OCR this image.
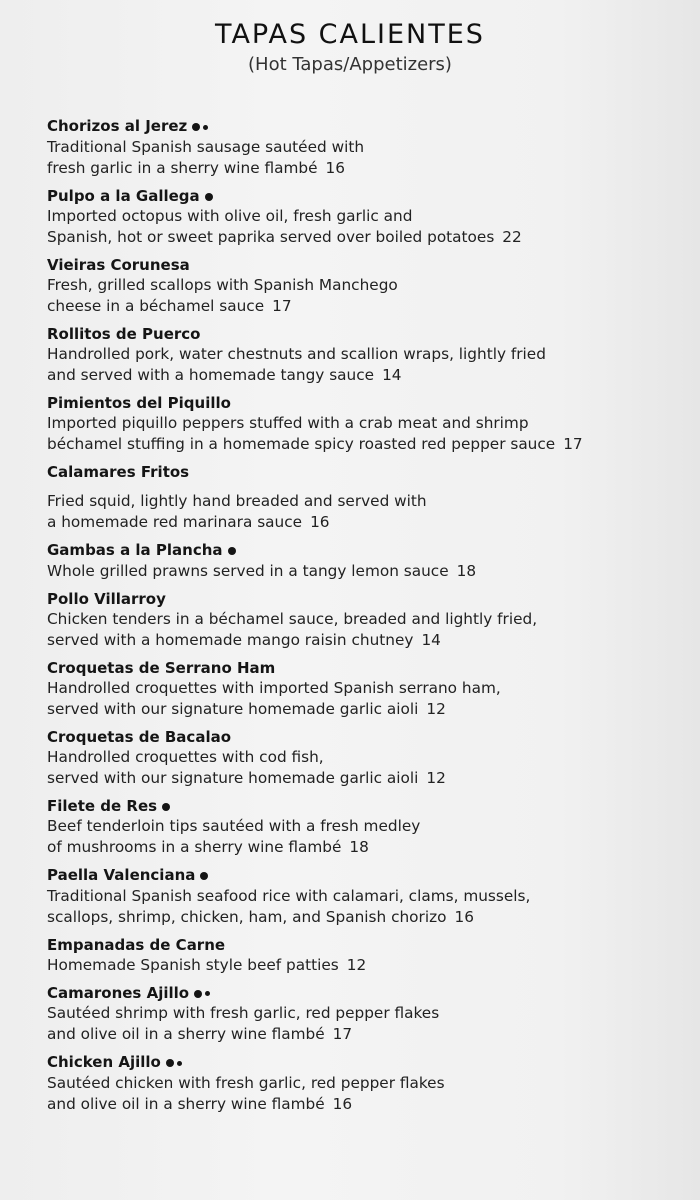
TAPAS CALIENTES
(Hot Tapas/Appetizers)
Chorizos al Jerez
Traditional Spanish sausage sautéed with
fresh garlic in a sherry wine flambé 16
Pulpo a la Gallega
Imported octopus with olive oil, fresh garlic and
Spanish, hot or sweet paprika served over boiled potatoes 22
Vieiras Corunesa
Fresh, grilled scallops with Spanish Manchego
cheese in a béchamel sauce 17
Rollitos de Puerco
Handrolled pork, water chestnuts and scallion wraps, lightly fried
and served with a homemade tangy sauce 14
Pimientos del Piquillo
Imported piquillo peppers stuffed with a crab meat and shrimp
béchamel stuffing in a homemade spicy roasted red pepper sauce 17
Calamares Fritos
Fried squid, lightly hand breaded and served with
a homemade red marinara sauce 16
Gambas a la Plancha
Whole grilled prawns served in a tangy lemon sauce 18
Pollo Villarroy
Chicken tenders in a béchamel sauce, breaded and lightly fried,
served with a homemade mango raisin chutney 14
Croquetas de Serrano Ham
Handrolled croquettes with imported Spanish serrano ham,
served with our signature homemade garlic aioli 12
Croquetas de Bacalao
Handrolled croquettes with cod fish,
served with our signature homemade garlic aioli 12
Filete de Res
Beef tenderloin tips sautéed with a fresh medley
of mushrooms in a sherry wine flambé 18
Paella Valenciana
Traditional Spanish seafood rice with calamari, clams, mussels,
scallops, shrimp, chicken, ham, and Spanish chorizo 16
Empanadas de Carne
Homemade Spanish style beef patties 12
Camarones Ajillo
Sautéed shrimp with fresh garlic, red pepper flakes
and olive oil in a sherry wine flambé 17
Chicken Ajillo
Sautéed chicken with fresh garlic, red pepper flakes
and olive oil in a sherry wine flambé 16
